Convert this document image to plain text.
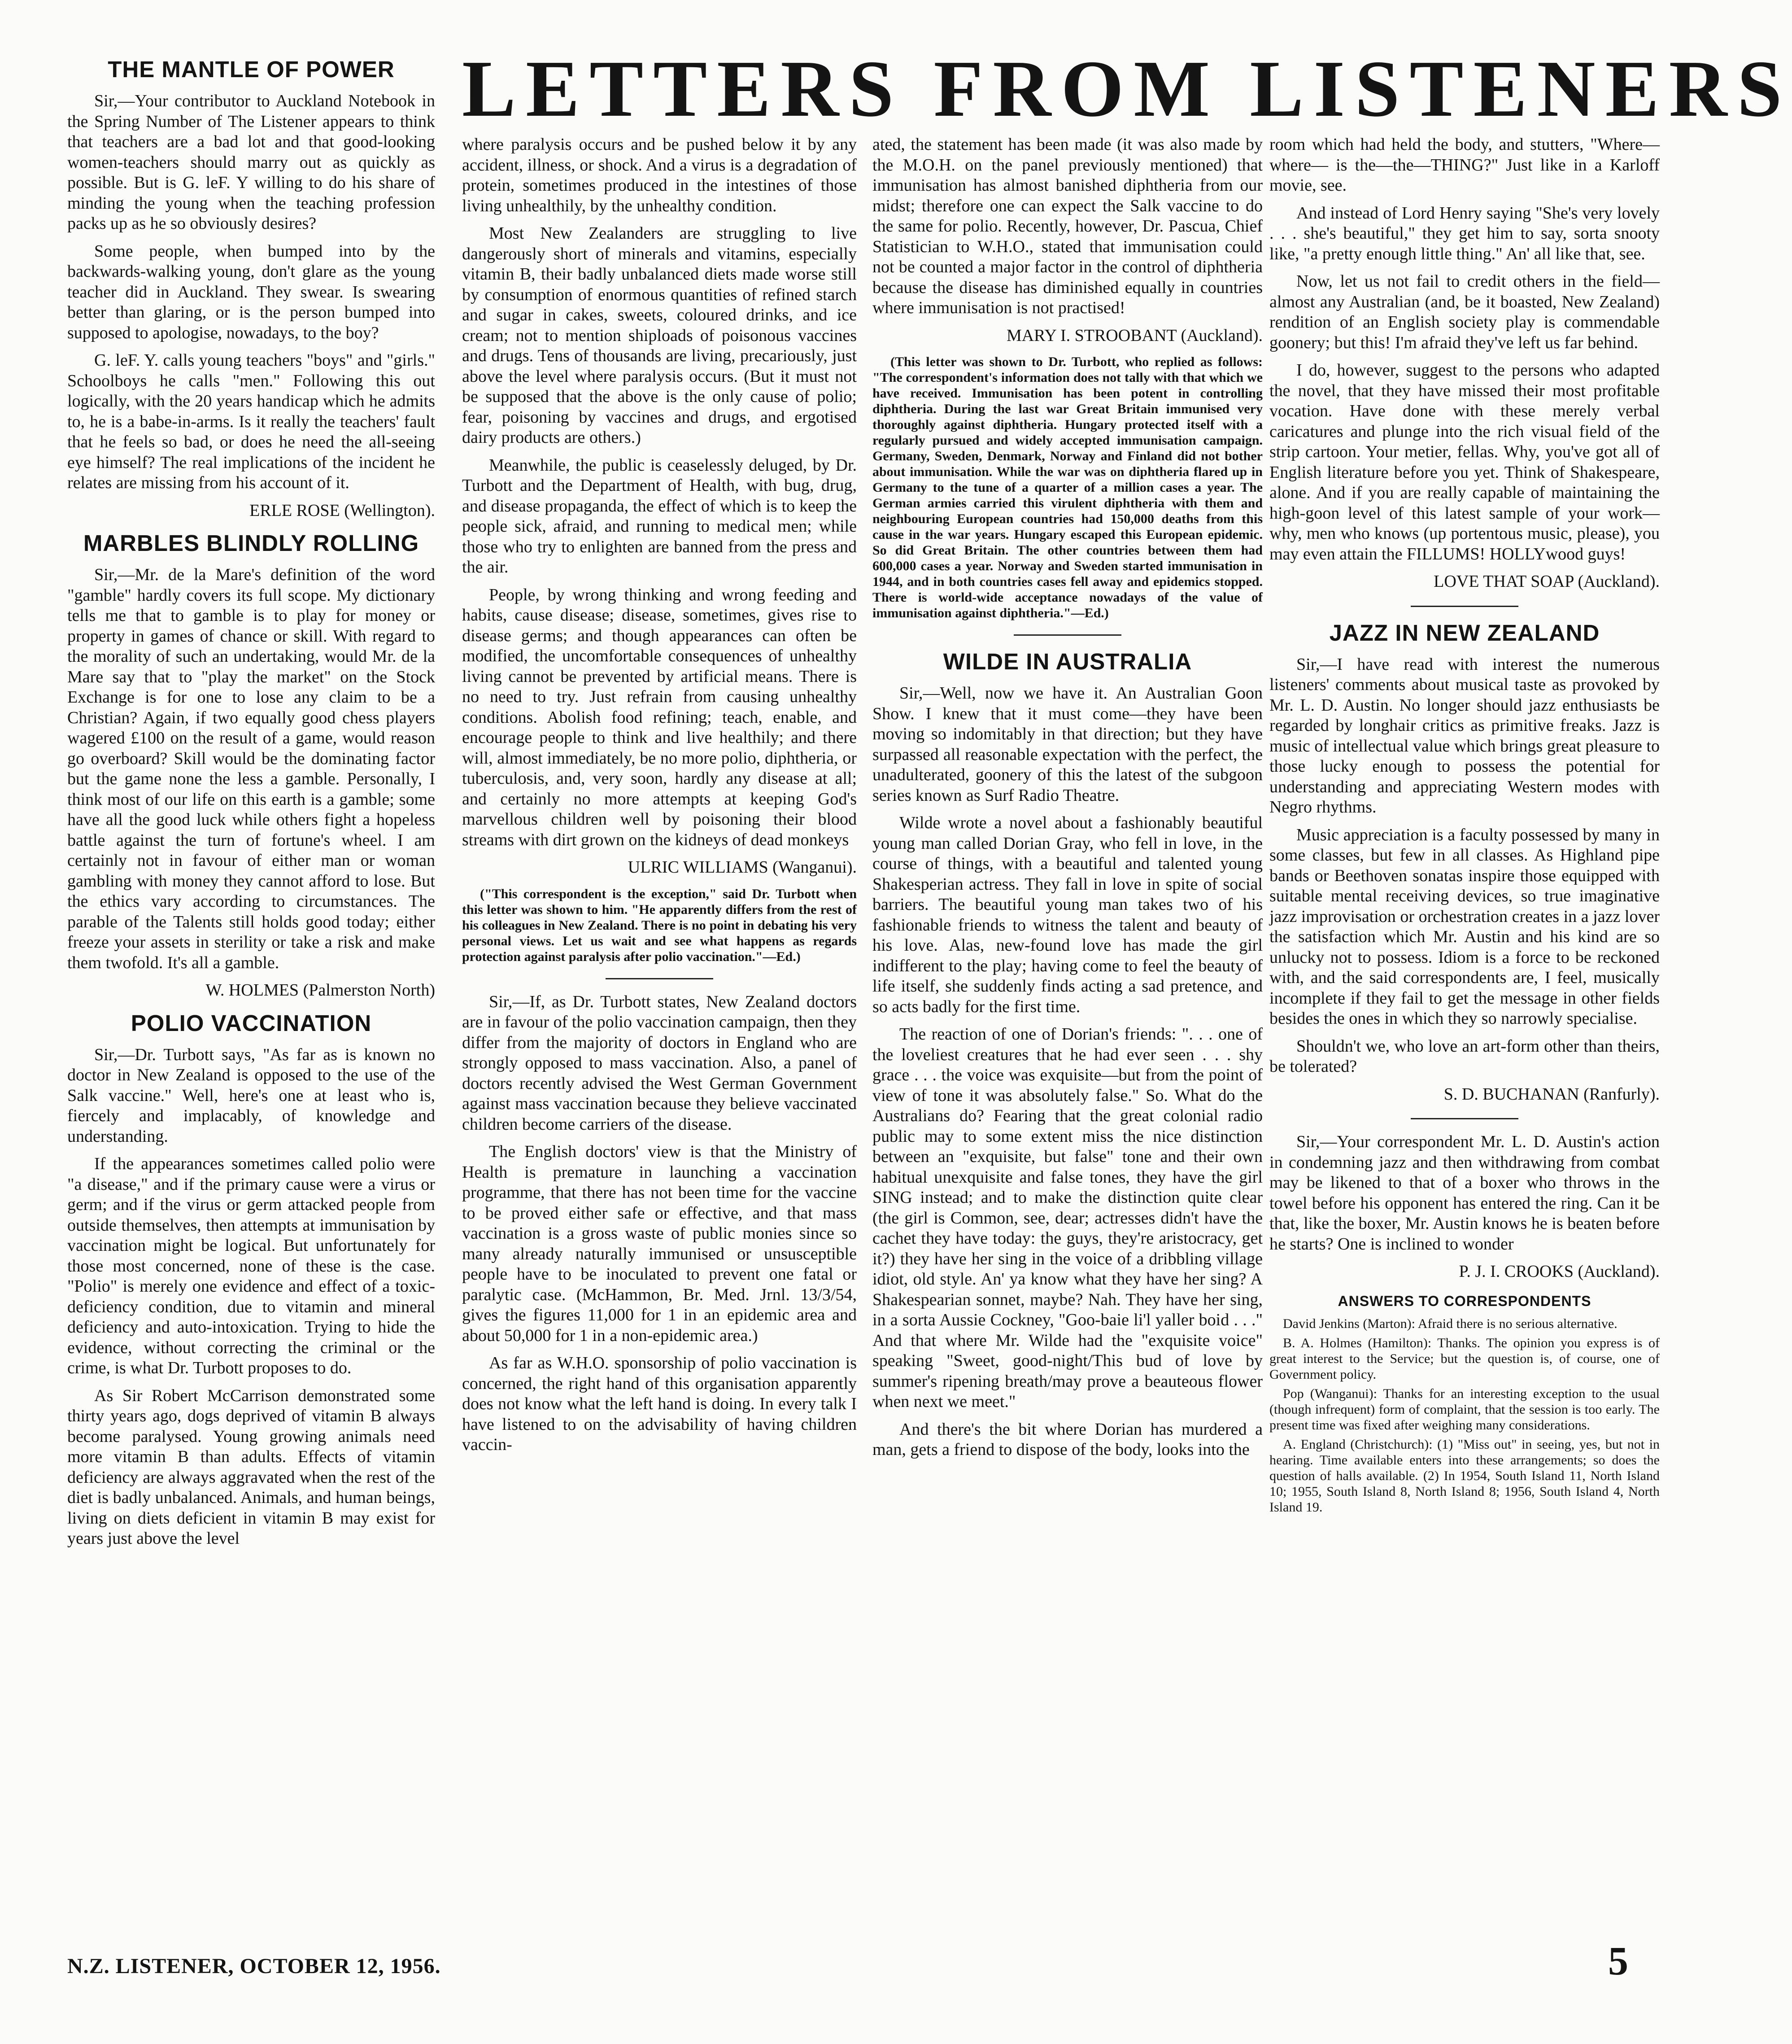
LETTERS FROM LISTENERS
THE MANTLE OF POWER

Sir,—Your contributor to Auckland Notebook in the Spring Number of The Listener appears to think that teachers are a bad lot and that good-looking women-teachers should marry out as quickly as possible. But is G. leF. Y willing to do his share of minding the young when the teaching profession packs up as he so obviously desires?

Some people, when bumped into by the backwards-walking young, don't glare as the young teacher did in Auckland. They swear. Is swearing better than glaring, or is the person bumped into supposed to apologise, nowadays, to the boy?

G. leF. Y. calls young teachers "boys" and "girls." Schoolboys he calls "men." Following this out logically, with the 20 years handicap which he admits to, he is a babe-in-arms. Is it really the teachers' fault that he feels so bad, or does he need the all-seeing eye himself? The real implications of the incident he relates are missing from his account of it.

ERLE ROSE (Wellington).

MARBLES BLINDLY ROLLING

Sir,—Mr. de la Mare's definition of the word "gamble" hardly covers its full scope. My dictionary tells me that to gamble is to play for money or property in games of chance or skill. With regard to the morality of such an undertaking, would Mr. de la Mare say that to "play the market" on the Stock Exchange is for one to lose any claim to be a Christian? Again, if two equally good chess players wagered £100 on the result of a game, would reason go overboard? Skill would be the dominating factor but the game none the less a gamble. Personally, I think most of our life on this earth is a gamble; some have all the good luck while others fight a hopeless battle against the turn of fortune's wheel. I am certainly not in favour of either man or woman gambling with money they cannot afford to lose. But the ethics vary according to circumstances. The parable of the Talents still holds good today; either freeze your assets in sterility or take a risk and make them twofold. It's all a gamble.

W. HOLMES (Palmerston North)

POLIO VACCINATION

Sir,—Dr. Turbott says, "As far as is known no doctor in New Zealand is opposed to the use of the Salk vaccine." Well, here's one at least who is, fiercely and implacably, of knowledge and understanding.

If the appearances sometimes called polio were "a disease," and if the primary cause were a virus or germ; and if the virus or germ attacked people from outside themselves, then attempts at immunisation by vaccination might be logical. But unfortunately for those most concerned, none of these is the case. "Polio" is merely one evidence and effect of a toxic-deficiency condition, due to vitamin and mineral deficiency and auto-intoxication. Trying to hide the evidence, without correcting the criminal or the crime, is what Dr. Turbott proposes to do.

As Sir Robert McCarrison demonstrated some thirty years ago, dogs deprived of vitamin B always become paralysed. Young growing animals need more vitamin B than adults. Effects of vitamin deficiency are always aggravated when the rest of the diet is badly unbalanced. Animals, and human beings, living on diets deficient in vitamin B may exist for years just above the level

where paralysis occurs and be pushed below it by any accident, illness, or shock. And a virus is a degradation of protein, sometimes produced in the intestines of those living unhealthily, by the unhealthy condition.

Most New Zealanders are struggling to live dangerously short of minerals and vitamins, especially vitamin B, their badly unbalanced diets made worse still by consumption of enormous quantities of refined starch and sugar in cakes, sweets, coloured drinks, and ice cream; not to mention shiploads of poisonous vaccines and drugs. Tens of thousands are living, precariously, just above the level where paralysis occurs. (But it must not be supposed that the above is the only cause of polio; fear, poisoning by vaccines and drugs, and ergotised dairy products are others.)

Meanwhile, the public is ceaselessly deluged, by Dr. Turbott and the Department of Health, with bug, drug, and disease propaganda, the effect of which is to keep the people sick, afraid, and running to medical men; while those who try to enlighten are banned from the press and the air.

People, by wrong thinking and wrong feeding and habits, cause disease; disease, sometimes, gives rise to disease germs; and though appearances can often be modified, the uncomfortable consequences of unhealthy living cannot be prevented by artificial means. There is no need to try. Just refrain from causing unhealthy conditions. Abolish food refining; teach, enable, and encourage people to think and live healthily; and there will, almost immediately, be no more polio, diphtheria, or tuberculosis, and, very soon, hardly any disease at all; and certainly no more attempts at keeping God's marvellous children well by poisoning their blood streams with dirt grown on the kidneys of dead monkeys

ULRIC WILLIAMS (Wanganui).

("This correspondent is the exception," said Dr. Turbott when this letter was shown to him. "He apparently differs from the rest of his colleagues in New Zealand. There is no point in debating his very personal views. Let us wait and see what happens as regards protection against paralysis after polio vaccination."—Ed.)

Sir,—If, as Dr. Turbott states, New Zealand doctors are in favour of the polio vaccination campaign, then they differ from the majority of doctors in England who are strongly opposed to mass vaccination. Also, a panel of doctors recently advised the West German Government against mass vaccination because they believe vaccinated children become carriers of the disease.

The English doctors' view is that the Ministry of Health is premature in launching a vaccination programme, that there has not been time for the vaccine to be proved either safe or effective, and that mass vaccination is a gross waste of public monies since so many already naturally immunised or unsusceptible people have to be inoculated to prevent one fatal or paralytic case. (McHammon, Br. Med. Jrnl. 13/3/54, gives the figures 11,000 for 1 in an epidemic area and about 50,000 for 1 in a non-epidemic area.)

As far as W.H.O. sponsorship of polio vaccination is concerned, the right hand of this organisation apparently does not know what the left hand is doing. In every talk I have listened to on the advisability of having children vaccin-

ated, the statement has been made (it was also made by the M.O.H. on the panel previously mentioned) that immunisation has almost banished diphtheria from our midst; therefore one can expect the Salk vaccine to do the same for polio. Recently, however, Dr. Pascua, Chief Statistician to W.H.O., stated that immunisation could not be counted a major factor in the control of diphtheria because the disease has diminished equally in countries where immunisation is not practised!

MARY I. STROOBANT (Auckland).

(This letter was shown to Dr. Turbott, who replied as follows: "The correspondent's information does not tally with that which we have received. Immunisation has been potent in controlling diphtheria. During the last war Great Britain immunised very thoroughly against diphtheria. Hungary protected itself with a regularly pursued and widely accepted immunisation campaign. Germany, Sweden, Denmark, Norway and Finland did not bother about immunisation. While the war was on diphtheria flared up in Germany to the tune of a quarter of a million cases a year. The German armies carried this virulent diphtheria with them and neighbouring European countries had 150,000 deaths from this cause in the war years. Hungary escaped this European epidemic. So did Great Britain. The other countries between them had 600,000 cases a year. Norway and Sweden started immunisation in 1944, and in both countries cases fell away and epidemics stopped. There is world-wide acceptance nowadays of the value of immunisation against diphtheria."—Ed.)

WILDE IN AUSTRALIA

Sir,—Well, now we have it. An Australian Goon Show. I knew that it must come—they have been moving so indomitably in that direction; but they have surpassed all reasonable expectation with the perfect, the unadulterated, goonery of this the latest of the subgoon series known as Surf Radio Theatre.

Wilde wrote a novel about a fashionably beautiful young man called Dorian Gray, who fell in love, in the course of things, with a beautiful and talented young Shakesperian actress. They fall in love in spite of social barriers. The beautiful young man takes two of his fashionable friends to witness the talent and beauty of his love. Alas, new-found love has made the girl indifferent to the play; having come to feel the beauty of life itself, she suddenly finds acting a sad pretence, and so acts badly for the first time.

The reaction of one of Dorian's friends: ". . . one of the loveliest creatures that he had ever seen . . . shy grace . . . the voice was exquisite—but from the point of view of tone it was absolutely false." So. What do the Australians do? Fearing that the great colonial radio public may to some extent miss the nice distinction between an "exquisite, but false" tone and their own habitual unexquisite and false tones, they have the girl SING instead; and to make the distinction quite clear (the girl is Common, see, dear; actresses didn't have the cachet they have today: the guys, they're aristocracy, get it?) they have her sing in the voice of a dribbling village idiot, old style. An' ya know what they have her sing? A Shakespearian sonnet, maybe? Nah. They have her sing, in a sorta Aussie Cockney, "Goo-baie li'l yaller boid . . ." And that where Mr. Wilde had the "exquisite voice" speaking "Sweet, good-night/This bud of love by summer's ripening breath/may prove a beauteous flower when next we meet."

And there's the bit where Dorian has murdered a man, gets a friend to dispose of the body, looks into the

room which had held the body, and stutters, "Where—where— is the—the—THING?" Just like in a Karloff movie, see.

And instead of Lord Henry saying "She's very lovely . . . she's beautiful," they get him to say, sorta snooty like, "a pretty enough little thing." An' all like that, see.

Now, let us not fail to credit others in the field—almost any Australian (and, be it boasted, New Zealand) rendition of an English society play is commendable goonery; but this! I'm afraid they've left us far behind.

I do, however, suggest to the persons who adapted the novel, that they have missed their most profitable vocation. Have done with these merely verbal caricatures and plunge into the rich visual field of the strip cartoon. Your metier, fellas. Why, you've got all of English literature before you yet. Think of Shakespeare, alone. And if you are really capable of maintaining the high-goon level of this latest sample of your work—why, men who knows (up portentous music, please), you may even attain the FILLUMS! HOLLYwood guys!

LOVE THAT SOAP (Auckland).

JAZZ IN NEW ZEALAND

Sir,—I have read with interest the numerous listeners' comments about musical taste as provoked by Mr. L. D. Austin. No longer should jazz enthusiasts be regarded by longhair critics as primitive freaks. Jazz is music of intellectual value which brings great pleasure to those lucky enough to possess the potential for understanding and appreciating Western modes with Negro rhythms.

Music appreciation is a faculty possessed by many in some classes, but few in all classes. As Highland pipe bands or Beethoven sonatas inspire those equipped with suitable mental receiving devices, so true imaginative jazz improvisation or orchestration creates in a jazz lover the satisfaction which Mr. Austin and his kind are so unlucky not to possess. Idiom is a force to be reckoned with, and the said correspondents are, I feel, musically incomplete if they fail to get the message in other fields besides the ones in which they so narrowly specialise.

Shouldn't we, who love an art-form other than theirs, be tolerated?

S. D. BUCHANAN (Ranfurly).

Sir,—Your correspondent Mr. L. D. Austin's action in condemning jazz and then withdrawing from combat may be likened to that of a boxer who throws in the towel before his opponent has entered the ring. Can it be that, like the boxer, Mr. Austin knows he is beaten before he starts? One is inclined to wonder

P. J. I. CROOKS (Auckland).

ANSWERS TO CORRESPONDENTS

David Jenkins (Marton): Afraid there is no serious alternative.

B. A. Holmes (Hamilton): Thanks. The opinion you express is of great interest to the Service; but the question is, of course, one of Government policy.

Pop (Wanganui): Thanks for an interesting exception to the usual (though infrequent) form of complaint, that the session is too early. The present time was fixed after weighing many considerations.

A. England (Christchurch): (1) "Miss out" in seeing, yes, but not in hearing. Time available enters into these arrangements; so does the question of halls available. (2) In 1954, South Island 11, North Island 10; 1955, South Island 8, North Island 8; 1956, South Island 4, North Island 19.

N.Z. LISTENER, OCTOBER 12, 1956.	5
